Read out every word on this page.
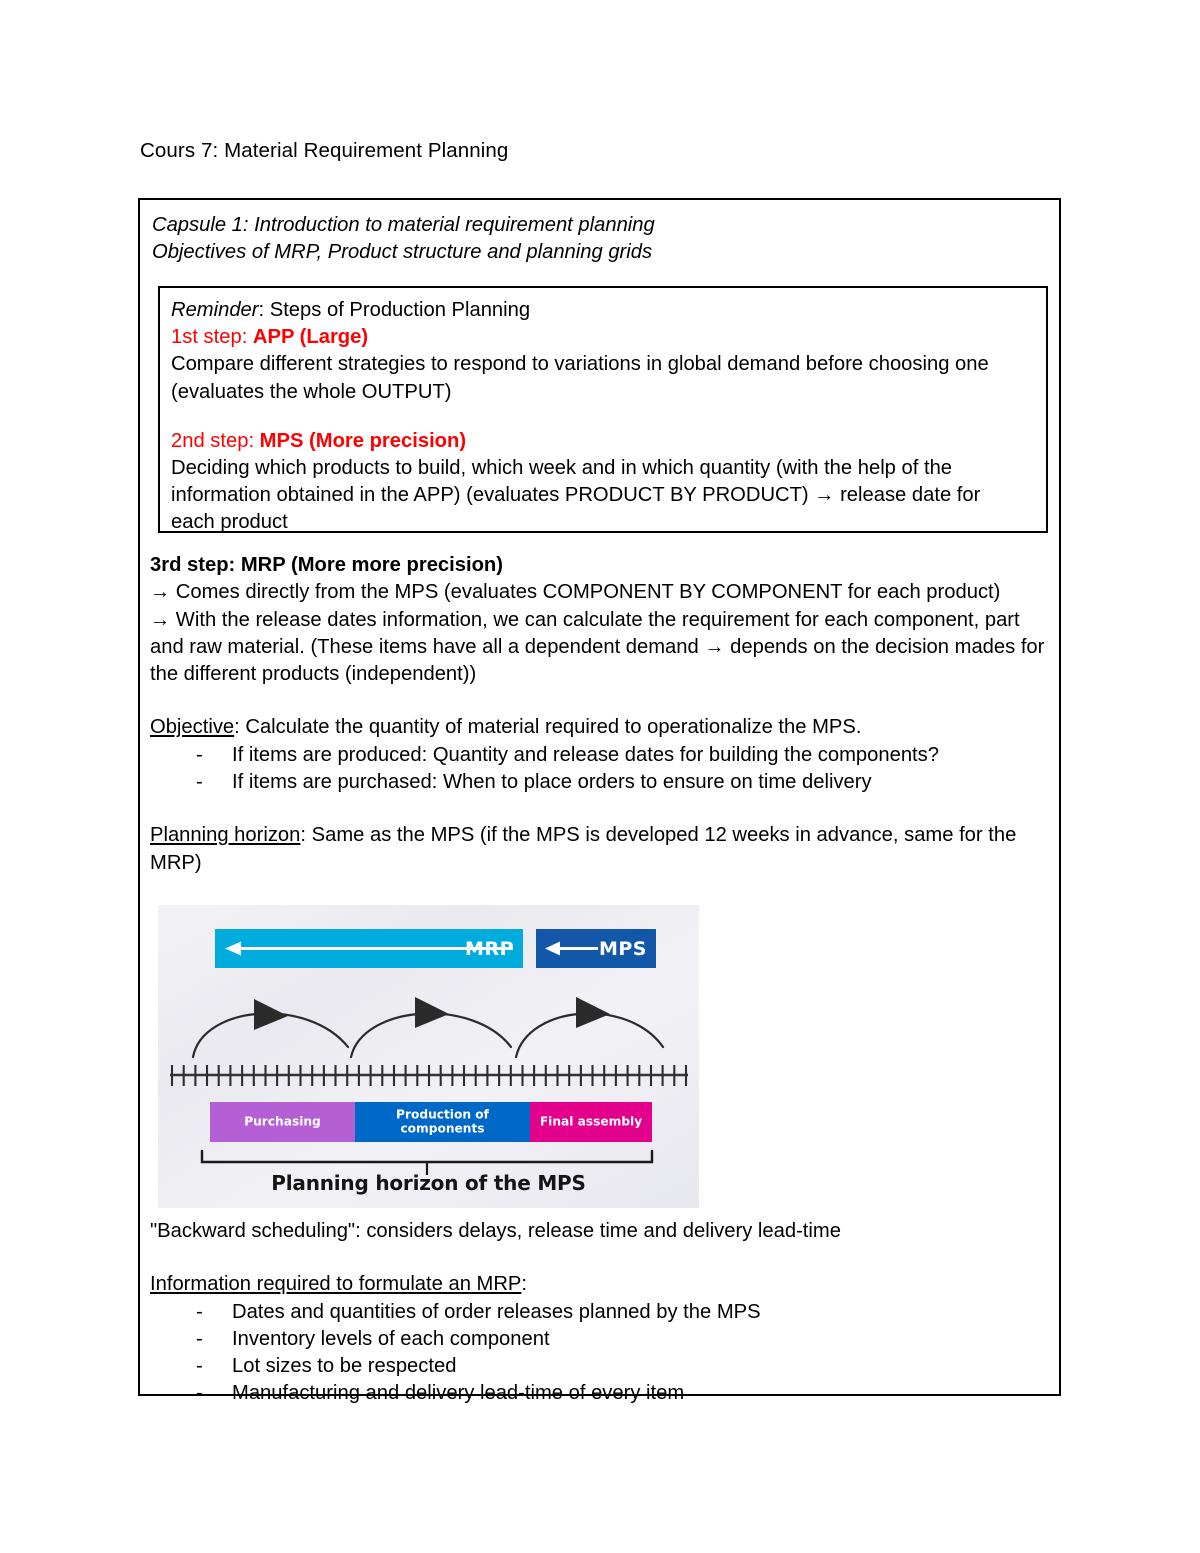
Cours 7: Material Requirement Planning
Capsule 1: Introduction to material requirement planning
Objectives of MRP, Product structure and planning grids
Reminder: Steps of Production Planning
1st step: APP (Large)
Compare different strategies to respond to variations in global demand before choosing one
(evaluates the whole OUTPUT)
2nd step: MPS (More precision)
Deciding which products to build, which week and in which quantity (with the help of the
information obtained in the APP) (evaluates PRODUCT BY PRODUCT) → release date for
each product

3rd step: MRP (More more precision)

→ Comes directly from the MPS (evaluates COMPONENT BY COMPONENT for each product)

→ With the release dates information, we can calculate the requirement for each component, part and raw material. (These items have all a dependent demand → depends on the decision mades for the different products (independent))

Objective: Calculate the quantity of material required to operationalize the MPS.

- If items are produced: Quantity and release dates for building the components?
- If items are purchased: When to place orders to ensure on time delivery

Planning horizon: Same as the MPS (if the MPS is developed 12 weeks in advance, same for the MRP)

MRP	MPS
Purchasing	Production of
components	Final assembly
Planning horizon of the MPS

"Backward scheduling": considers delays, release time and delivery lead-time

Information required to formulate an MRP:

- Dates and quantities of order releases planned by the MPS
- Inventory levels of each component
- Lot sizes to be respected
- Manufacturing and delivery lead-time of every item
